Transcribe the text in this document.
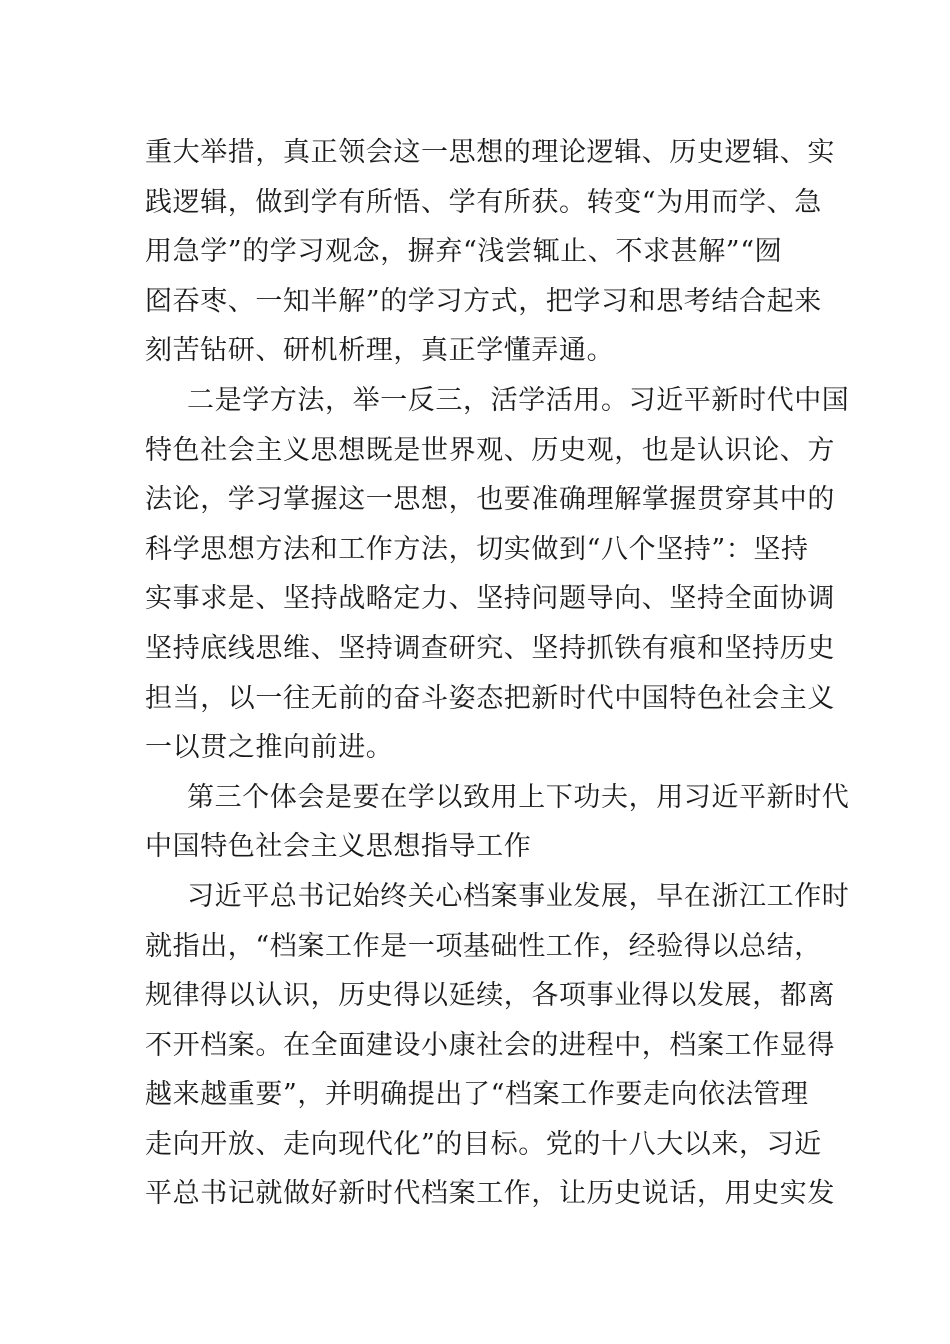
重大举措，真正领会这一思想的理论逻辑、历史逻辑、实
践逻辑，做到学有所悟、学有所获。转变“为用而学、急
用急学”的学习观念，摒弃“浅尝辄止、不求甚解”“囫
囵吞枣、一知半解”的学习方式，把学习和思考结合起来
刻苦钻研、研机析理，真正学懂弄通。
二是学方法，举一反三，活学活用。习近平新时代中国
特色社会主义思想既是世界观、历史观，也是认识论、方
法论，学习掌握这一思想，也要准确理解掌握贯穿其中的
科学思想方法和工作方法，切实做到“八个坚持”：坚持
实事求是、坚持战略定力、坚持问题导向、坚持全面协调
坚持底线思维、坚持调查研究、坚持抓铁有痕和坚持历史
担当，以一往无前的奋斗姿态把新时代中国特色社会主义
一以贯之推向前进。
第三个体会是要在学以致用上下功夫，用习近平新时代
中国特色社会主义思想指导工作
习近平总书记始终关心档案事业发展，早在浙江工作时
就指出，“档案工作是一项基础性工作，经验得以总结，
规律得以认识，历史得以延续，各项事业得以发展，都离
不开档案。在全面建设小康社会的进程中，档案工作显得
越来越重要”，并明确提出了“档案工作要走向依法管理
走向开放、走向现代化”的目标。党的十八大以来，习近
平总书记就做好新时代档案工作，让历史说话，用史实发
